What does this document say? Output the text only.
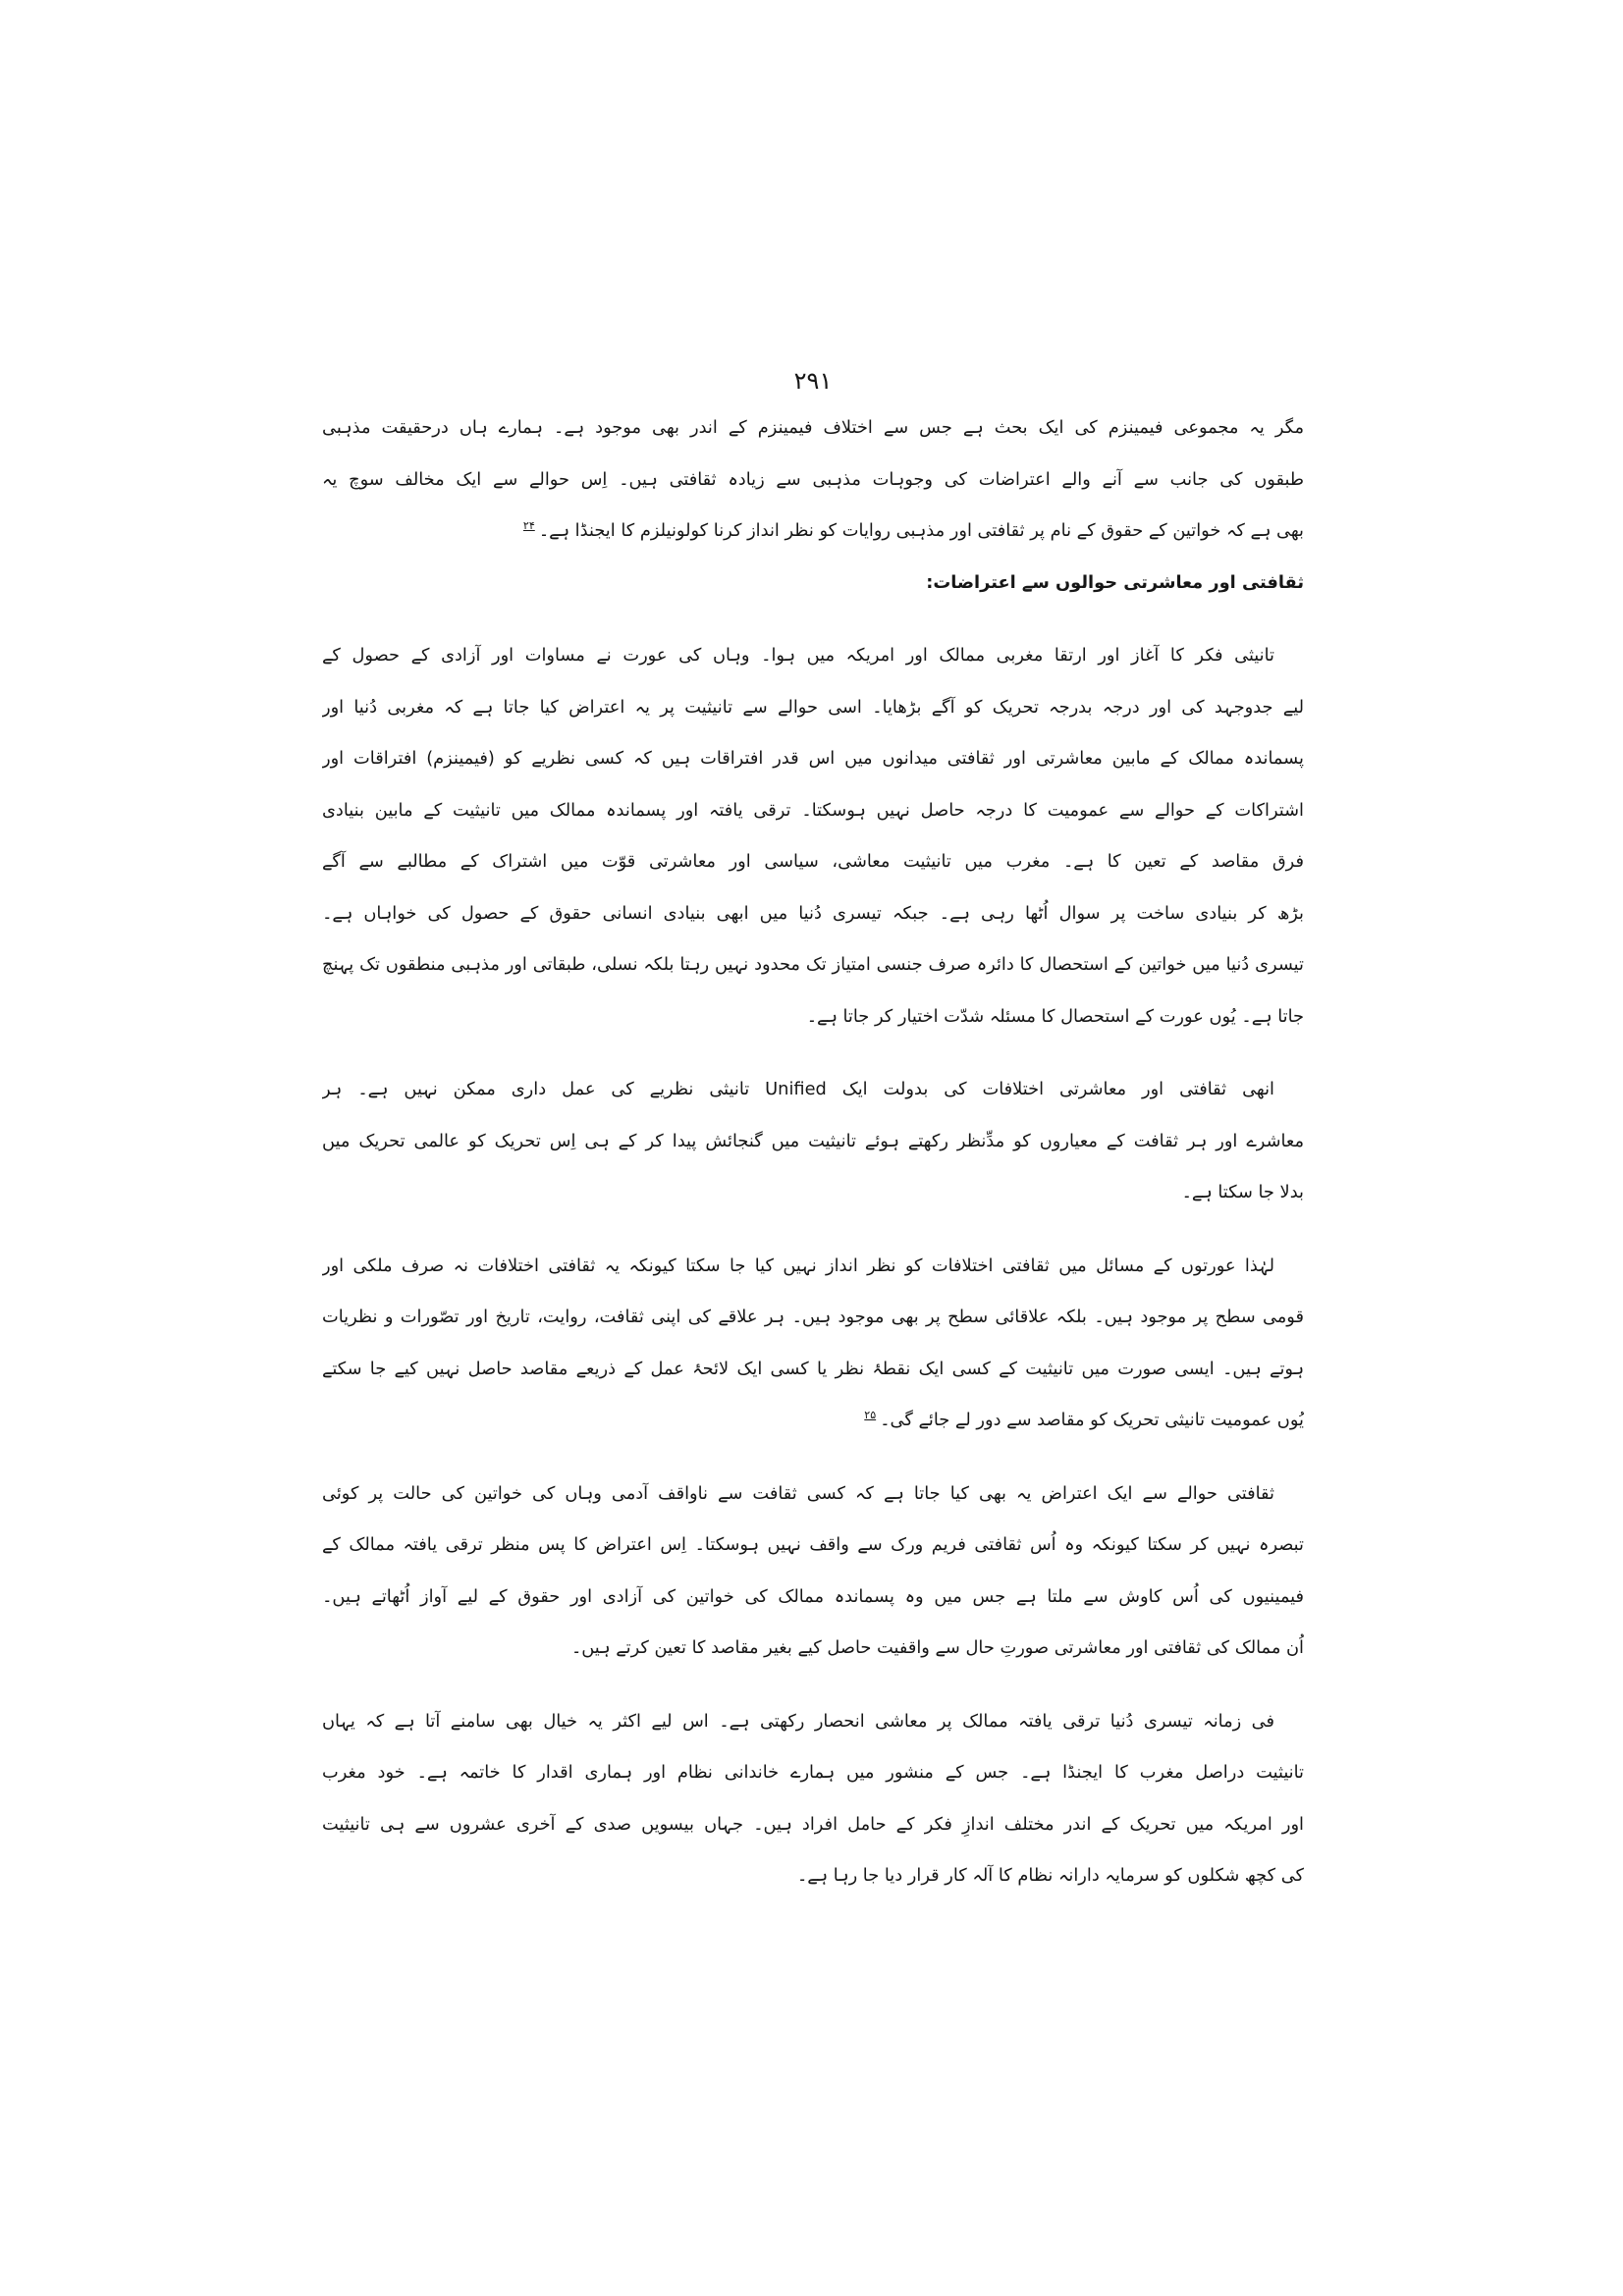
۲۹۱
مگر یہ مجموعی فیمینزم کی ایک بحث ہے جس سے اختلاف فیمینزم کے اندر بھی موجود ہے۔ ہمارے ہاں درحقیقت مذہبی
طبقوں کی جانب سے آنے والے اعتراضات کی وجوہات مذہبی سے زیادہ ثقافتی ہیں۔ اِس حوالے سے ایک مخالف سوچ یہ
بھی ہے کہ خواتین کے حقوق کے نام پر ثقافتی اور مذہبی روایات کو نظر انداز کرنا کولونیلزم کا ایجنڈا ہے۔$^{۲۴}$
ثقافتی اور معاشرتی حوالوں سے اعتراضات:
تانیثی فکر کا آغاز اور ارتقا مغربی ممالک اور امریکہ میں ہوا۔ وہاں کی عورت نے مساوات اور آزادی کے حصول کے
لیے جدوجہد کی اور درجہ بدرجہ تحریک کو آگے بڑھایا۔ اسی حوالے سے تانیثیت پر یہ اعتراض کیا جاتا ہے کہ مغربی دُنیا اور
پسماندہ ممالک کے مابین معاشرتی اور ثقافتی میدانوں میں اس قدر افتراقات ہیں کہ کسی نظریے کو (فیمینزم) افتراقات اور
اشتراکات کے حوالے سے عمومیت کا درجہ حاصل نہیں ہوسکتا۔ ترقی یافتہ اور پسماندہ ممالک میں تانیثیت کے مابین بنیادی
فرق مقاصد کے تعین کا ہے۔ مغرب میں تانیثیت معاشی، سیاسی اور معاشرتی قوّت میں اشتراک کے مطالبے سے آگے
بڑھ کر بنیادی ساخت پر سوال اُٹھا رہی ہے۔ جبکہ تیسری دُنیا میں ابھی بنیادی انسانی حقوق کے حصول کی خواہاں ہے۔
تیسری دُنیا میں خواتین کے استحصال کا دائرہ صرف جنسی امتیاز تک محدود نہیں رہتا بلکہ نسلی، طبقاتی اور مذہبی منطقوں تک پہنچ
جاتا ہے۔ یُوں عورت کے استحصال کا مسئلہ شدّت اختیار کر جاتا ہے۔
انھی ثقافتی اور معاشرتی اختلافات کی بدولت ایک Unified تانیثی نظریے کی عمل داری ممکن نہیں ہے۔ ہر
معاشرے اور ہر ثقافت کے معیاروں کو مدِّنظر رکھتے ہوئے تانیثیت میں گنجائش پیدا کر کے ہی اِس تحریک کو عالمی تحریک میں
بدلا جا سکتا ہے۔
لہٰذا عورتوں کے مسائل میں ثقافتی اختلافات کو نظر انداز نہیں کیا جا سکتا کیونکہ یہ ثقافتی اختلافات نہ صرف ملکی اور
قومی سطح پر موجود ہیں۔ بلکہ علاقائی سطح پر بھی موجود ہیں۔ ہر علاقے کی اپنی ثقافت، روایت، تاریخ اور تصّورات و نظریات
ہوتے ہیں۔ ایسی صورت میں تانیثیت کے کسی ایک نقطۂ نظر یا کسی ایک لائحۂ عمل کے ذریعے مقاصد حاصل نہیں کیے جا سکتے
یُوں عمومیت تانیثی تحریک کو مقاصد سے دور لے جائے گی۔$^{۲۵}$
ثقافتی حوالے سے ایک اعتراض یہ بھی کیا جاتا ہے کہ کسی ثقافت سے ناواقف آدمی وہاں کی خواتین کی حالت پر کوئی
تبصرہ نہیں کر سکتا کیونکہ وہ اُس ثقافتی فریم ورک سے واقف نہیں ہوسکتا۔ اِس اعتراض کا پس منظر ترقی یافتہ ممالک کے
فیمینیوں کی اُس کاوش سے ملتا ہے جس میں وہ پسماندہ ممالک کی خواتین کی آزادی اور حقوق کے لیے آواز اُٹھاتے ہیں۔
اُن ممالک کی ثقافتی اور معاشرتی صورتِ حال سے واقفیت حاصل کیے بغیر مقاصد کا تعین کرتے ہیں۔
فی زمانہ تیسری دُنیا ترقی یافتہ ممالک پر معاشی انحصار رکھتی ہے۔ اس لیے اکثر یہ خیال بھی سامنے آتا ہے کہ یہاں
تانیثیت دراصل مغرب کا ایجنڈا ہے۔ جس کے منشور میں ہمارے خاندانی نظام اور ہماری اقدار کا خاتمہ ہے۔ خود مغرب
اور امریکہ میں تحریک کے اندر مختلف اندازِ فکر کے حامل افراد ہیں۔ جہاں بیسویں صدی کے آخری عشروں سے ہی تانیثیت
کی کچھ شکلوں کو سرمایہ دارانہ نظام کا آلہ کار قرار دیا جا رہا ہے۔
